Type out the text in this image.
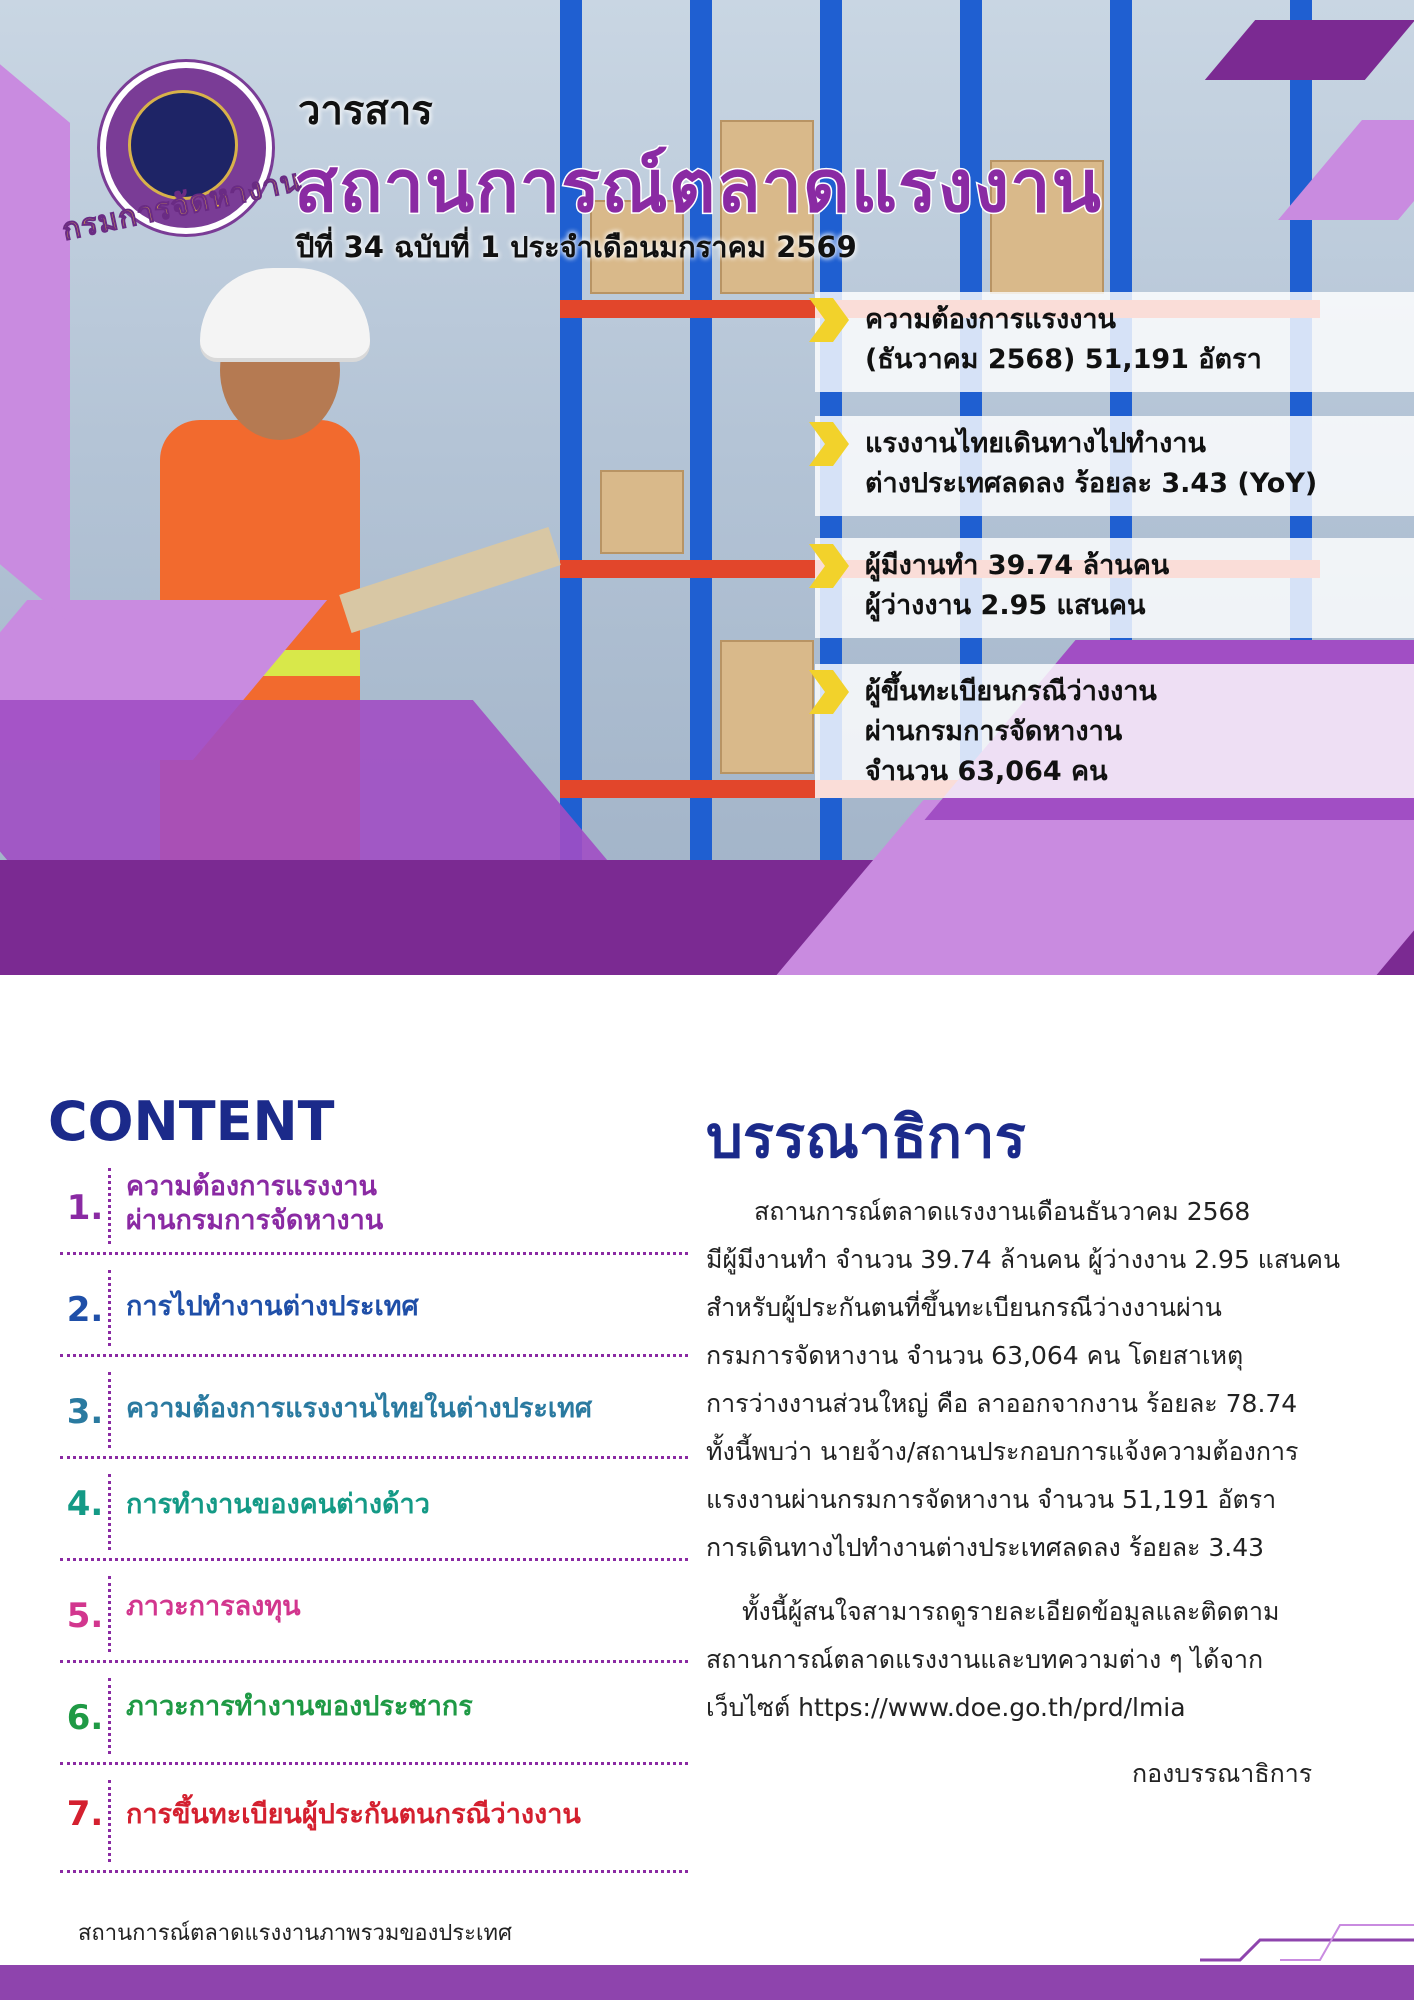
กรมการจัดหางาน
วารสาร
สถานการณ์ตลาดแรงงาน
ปีที่ 34 ฉบับที่ 1 ประจำเดือนมกราคม 2569
ความต้องการแรงงาน
(ธันวาคม 2568) 51,191 อัตรา
แรงงานไทยเดินทางไปทำงาน
ต่างประเทศลดลง ร้อยละ 3.43 (YoY)
ผู้มีงานทำ 39.74 ล้านคน
ผู้ว่างงาน 2.95 แสนคน
ผู้ขึ้นทะเบียนกรณีว่างงาน
ผ่านกรมการจัดหางาน
จำนวน 63,064 คน
CONTENT
1.
ความต้องการแรงงาน
ผ่านกรมการจัดหางาน
2. การไปทำงานต่างประเทศ
3. ความต้องการแรงงานไทยในต่างประเทศ
4. การทำงานของคนต่างด้าว
5. ภาวะการลงทุน
6. ภาวะการทำงานของประชากร
7. การขึ้นทะเบียนผู้ประกันตนกรณีว่างงาน
บรรณาธิการ
สถานการณ์ตลาดแรงงานเดือนธันวาคม 2568
มีผู้มีงานทำ จำนวน 39.74 ล้านคน ผู้ว่างงาน 2.95 แสนคน
สำหรับผู้ประกันตนที่ขึ้นทะเบียนกรณีว่างงานผ่าน
กรมการจัดหางาน จำนวน 63,064 คน โดยสาเหตุ
การว่างงานส่วนใหญ่ คือ ลาออกจากงาน ร้อยละ 78.74
ทั้งนี้พบว่า นายจ้าง/สถานประกอบการแจ้งความต้องการ
แรงงานผ่านกรมการจัดหางาน จำนวน 51,191 อัตรา
การเดินทางไปทำงานต่างประเทศลดลง ร้อยละ 3.43
ทั้งนี้ผู้สนใจสามารถดูรายละเอียดข้อมูลและติดตาม
สถานการณ์ตลาดแรงงานและบทความต่าง ๆ ได้จาก
เว็บไซต์ https://www.doe.go.th/prd/lmia
กองบรรณาธิการ
สถานการณ์ตลาดแรงงานภาพรวมของประเทศ
